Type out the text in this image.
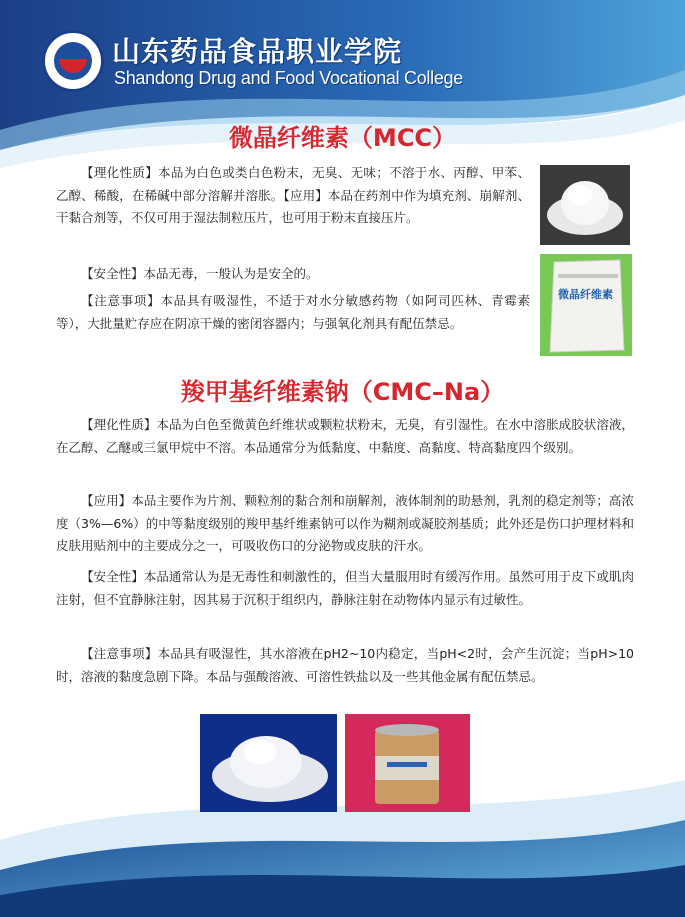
山东药品食品职业学院
Shandong Drug and Food Vocational College
微晶纤维素（MCC）
【理化性质】本品为白色或类白色粉末，无臭、无味；不溶于水、丙醇、甲苯、乙醇、稀酸，在稀碱中部分溶解并溶胀。【应用】本品在药剂中作为填充剂、崩解剂、干黏合剂等，不仅可用于湿法制粒压片，也可用于粉末直接压片。
【安全性】本品无毒，一般认为是安全的。
【注意事项】本品具有吸湿性，不适于对水分敏感药物（如阿司匹林、青霉素等），大批量贮存应在阴凉干燥的密闭容器内；与强氧化剂具有配伍禁忌。
微晶纤维素
羧甲基纤维素钠（CMC–Na）
【理化性质】本品为白色至微黄色纤维状或颗粒状粉末，无臭，有引湿性。在水中溶胀成胶状溶液，在乙醇、乙醚或三氯甲烷中不溶。本品通常分为低黏度、中黏度、高黏度、特高黏度四个级别。
【应用】本品主要作为片剂、颗粒剂的黏合剂和崩解剂，液体制剂的助悬剂，乳剂的稳定剂等；高浓度（3%—6%）的中等黏度级别的羧甲基纤维素钠可以作为糊剂或凝胶剂基质；此外还是伤口护理材料和皮肤用贴剂中的主要成分之一，可吸收伤口的分泌物或皮肤的汗水。
【安全性】本品通常认为是无毒性和刺激性的，但当大量服用时有缓泻作用。虽然可用于皮下或肌肉注射，但不宜静脉注射，因其易于沉积于组织内，静脉注射在动物体内显示有过敏性。
【注意事项】本品具有吸湿性，其水溶液在pH2~10内稳定，当pH<2时，会产生沉淀；当pH>10时，溶液的黏度急剧下降。本品与强酸溶液、可溶性铁盐以及一些其他金属有配伍禁忌。
